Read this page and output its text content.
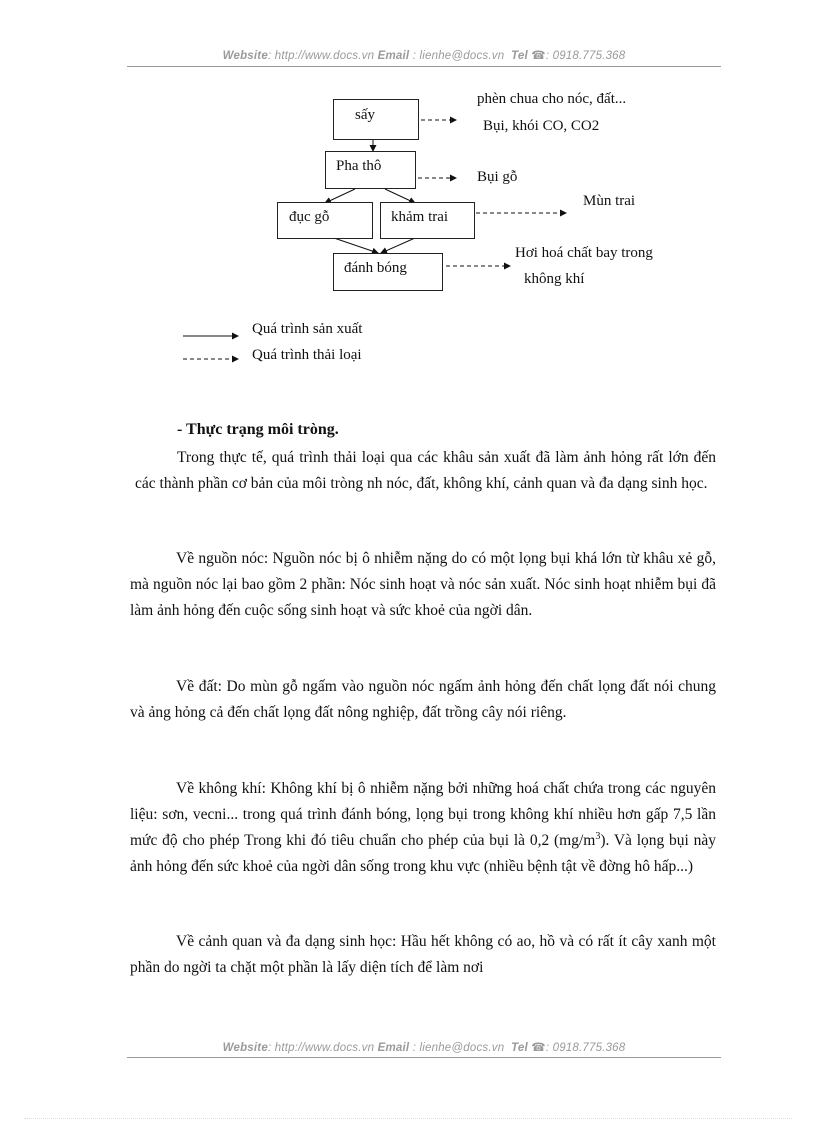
Website: http://www.docs.vn Email : lienhe@docs.vn Tel ☎: 0918.775.368
sấy
Pha thô
đục gỗ	khảm trai
đánh bóng
phèn chua cho nóc, đất...
Bụi, khói CO, CO2
Bụi gỗ
Mùn trai
Hơi hoá chất bay trong
không khí
Quá trình sản xuất
Quá trình thải loại
- Thực trạng môi tròng.

Trong thực tế, quá trình thải loại qua các khâu sản xuất đã làm ảnh hỏng rất lớn đến các thành phần cơ bản của môi tròng nh nóc, đất, không khí, cảnh quan và đa dạng sinh học.

Về nguồn nóc: Nguồn nóc bị ô nhiễm nặng do có một lọng bụi khá lớn từ khâu xẻ gỗ, mà nguồn nóc lại bao gồm 2 phần: Nóc sinh hoạt và nóc sản xuất. Nóc sinh hoạt nhiễm bụi đã làm ảnh hỏng đến cuộc sống sinh hoạt và sức khoẻ của ngời dân.

Về đất: Do mùn gỗ ngấm vào nguồn nóc ngấm ảnh hỏng đến chất lọng đất nói chung và ảng hỏng cả đến chất lọng đất nông nghiệp, đất trồng cây nói riêng.

Về không khí: Không khí bị ô nhiễm nặng bởi những hoá chất chứa trong các nguyên liệu: sơn, vecni... trong quá trình đánh bóng, lọng bụi trong không khí nhiều hơn gấp 7,5 lần mức độ cho phép Trong khi đó tiêu chuẩn cho phép của bụi là 0,2 $(mg/m^3)$. Và lọng bụi này ảnh hỏng đến sức khoẻ của ngời dân sống trong khu vực (nhiều bệnh tật về đờng hô hấp...)

Về cảnh quan và đa dạng sinh học: Hầu hết không có ao, hồ và có rất ít cây xanh một phần do ngời ta chặt một phần là lấy diện tích để làm nơi

Website: http://www.docs.vn Email : lienhe@docs.vn Tel ☎: 0918.775.368
